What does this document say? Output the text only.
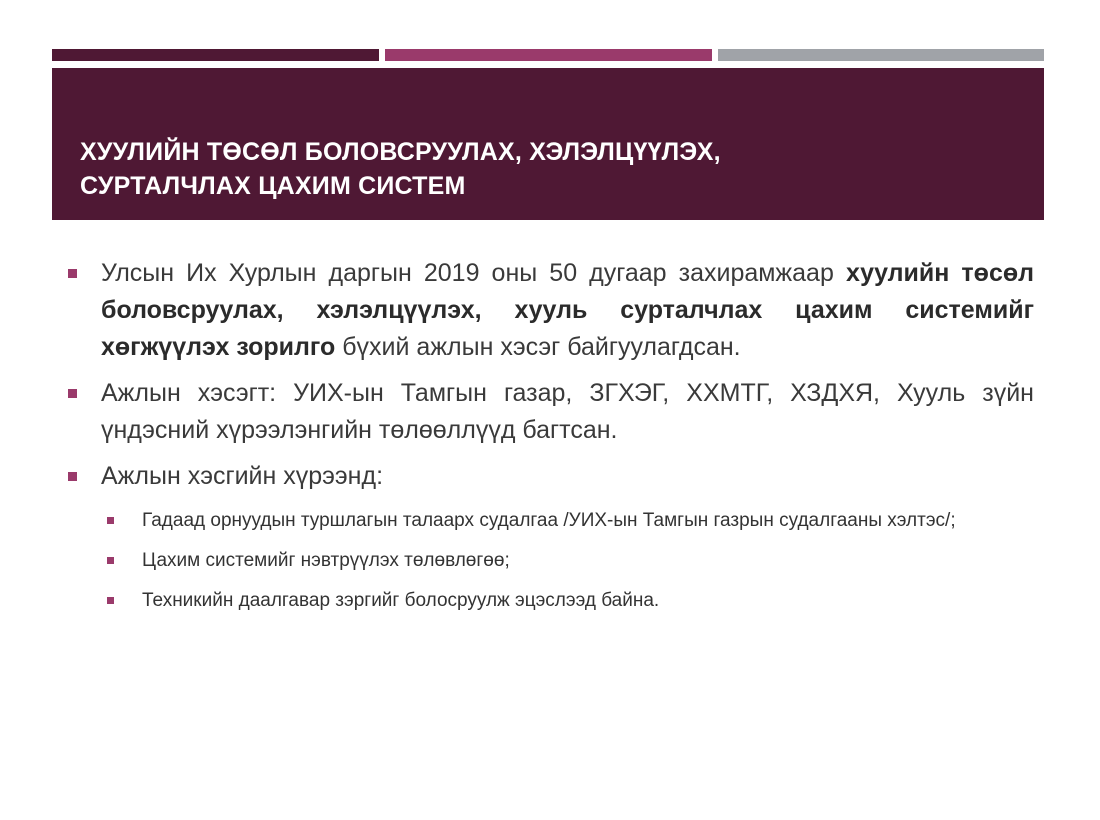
ХУУЛИЙН ТӨСӨЛ БОЛОВСРУУЛАХ, ХЭЛЭЛЦҮҮЛЭХ,
СУРТАЛЧЛАХ ЦАХИМ СИСТЕМ
Улсын Их Хурлын даргын 2019 оны 50 дугаар захирамжаар хуулийн төсөл боловсруулах, хэлэлцүүлэх, хууль сурталчлах цахим системийг хөгжүүлэх зорилго бүхий ажлын хэсэг байгуулагдсан.
Ажлын хэсэгт: УИХ-ын Тамгын газар, ЗГХЭГ, ХХМТГ, ХЗДХЯ, Хууль зүйн үндэсний хүрээлэнгийн төлөөллүүд багтсан.
Ажлын хэсгийн хүрээнд:
Гадаад орнуудын туршлагын талаарх судалгаа /УИХ-ын Тамгын газрын судалгааны хэлтэс/;
Цахим системийг нэвтрүүлэх төлөвлөгөө;
Техникийн даалгавар зэргийг болосруулж эцэслээд байна.
